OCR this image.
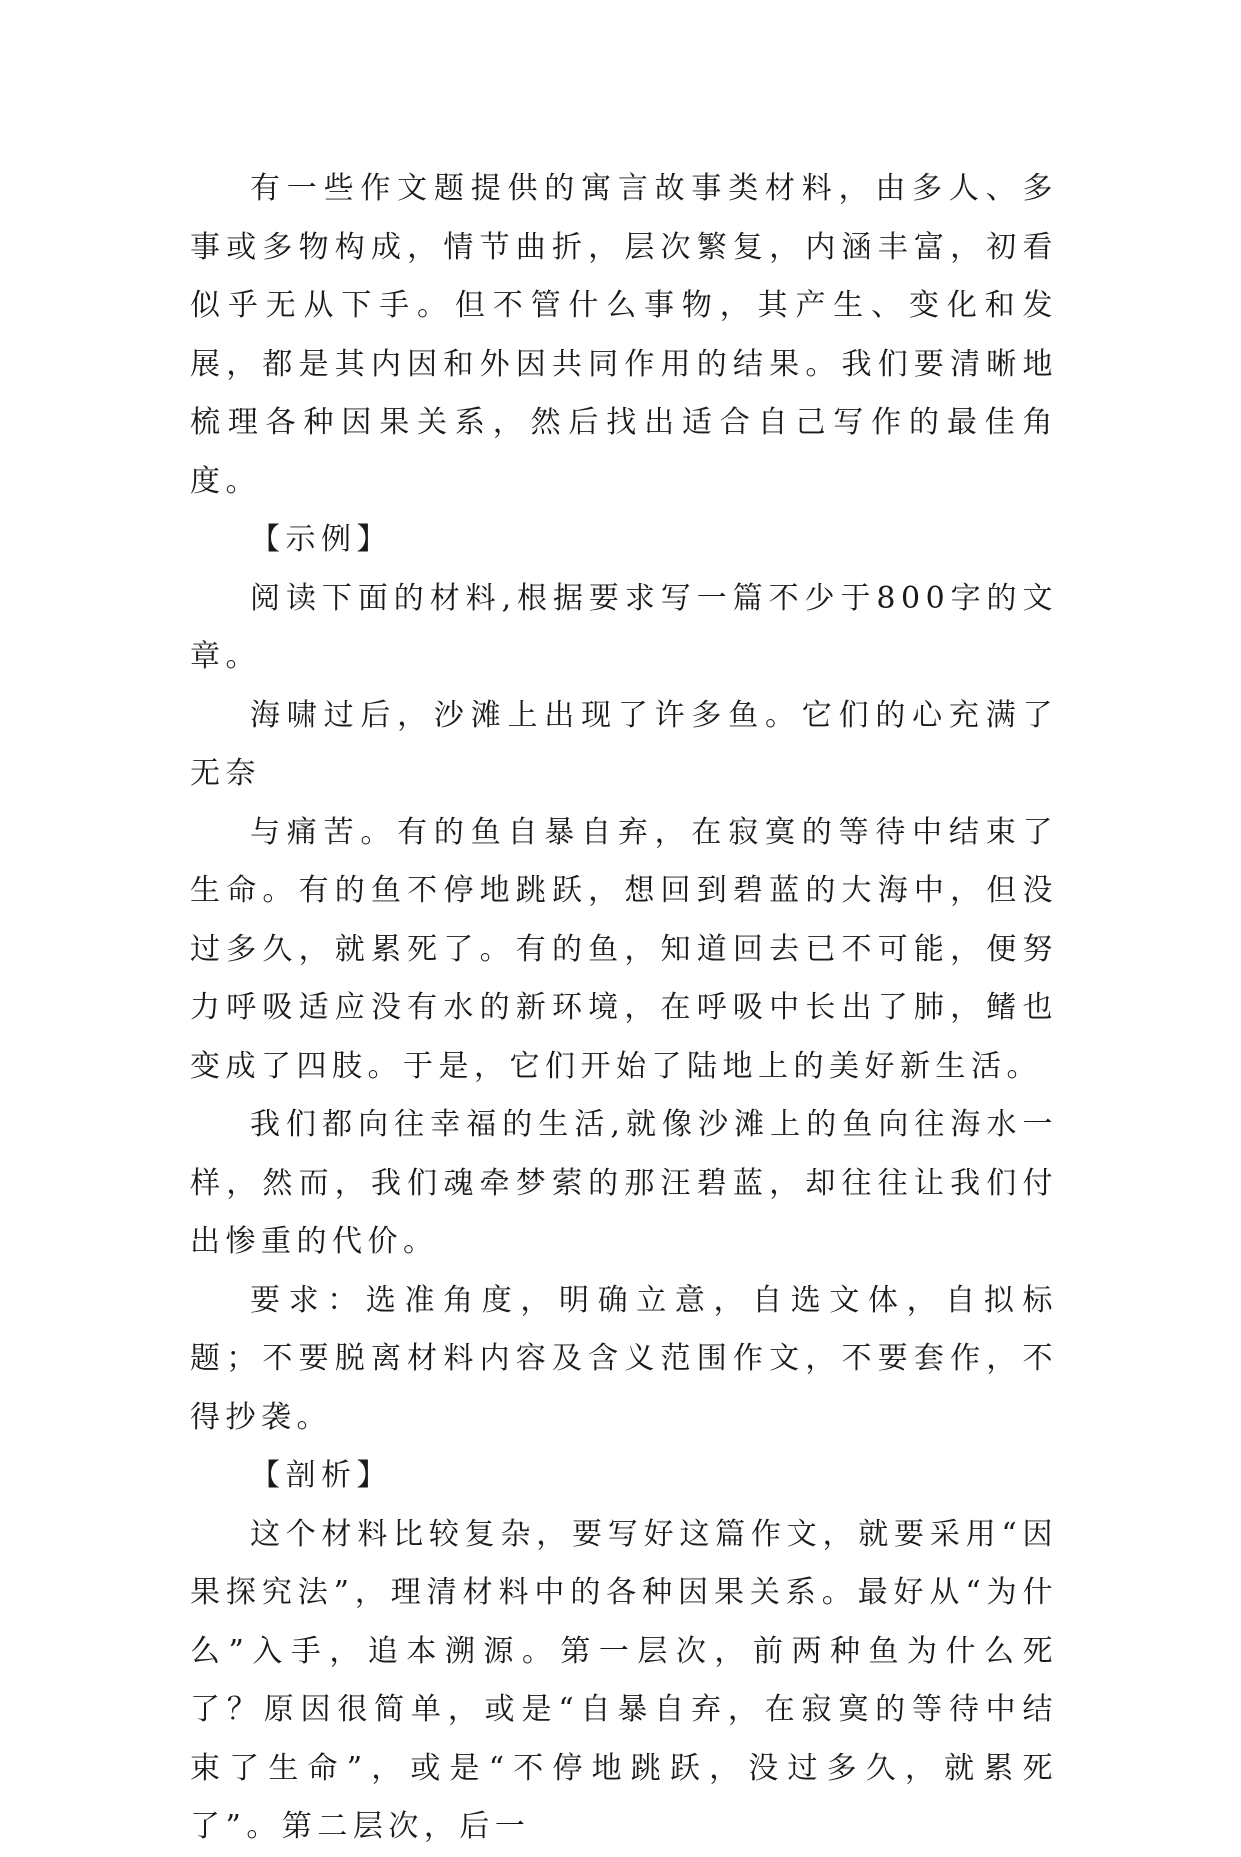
有一些作文题提供的寓言故事类材料，由多人、多事或多物构成，情节曲折，层次繁复，内涵丰富，初看似乎无从下手。但不管什么事物，其产生、变化和发展，都是其内因和外因共同作用的结果。我们要清晰地梳理各种因果关系，然后找出适合自己写作的最佳角度。

【示例】

阅读下面的材料,根据要求写一篇不少于800字的文章。

海啸过后，沙滩上出现了许多鱼。它们的心充满了无奈

与痛苦。有的鱼自暴自弃，在寂寞的等待中结束了生命。有的鱼不停地跳跃，想回到碧蓝的大海中，但没过多久，就累死了。有的鱼，知道回去已不可能，便努力呼吸适应没有水的新环境，在呼吸中长出了肺，鳍也变成了四肢。于是，它们开始了陆地上的美好新生活。

我们都向往幸福的生活,就像沙滩上的鱼向往海水一样，然而，我们魂牵梦萦的那汪碧蓝，却往往让我们付出惨重的代价。

要求：选准角度，明确立意，自选文体，自拟标题；不要脱离材料内容及含义范围作文，不要套作，不得抄袭。

【剖析】

这个材料比较复杂，要写好这篇作文，就要采用“因果探究法”，理清材料中的各种因果关系。最好从“为什么”入手，追本溯源。第一层次，前两种鱼为什么死了？原因很简单，或是“自暴自弃，在寂寞的等待中结束了生命”，或是“不停地跳跃，没过多久，就累死了”。第二层次，后一
